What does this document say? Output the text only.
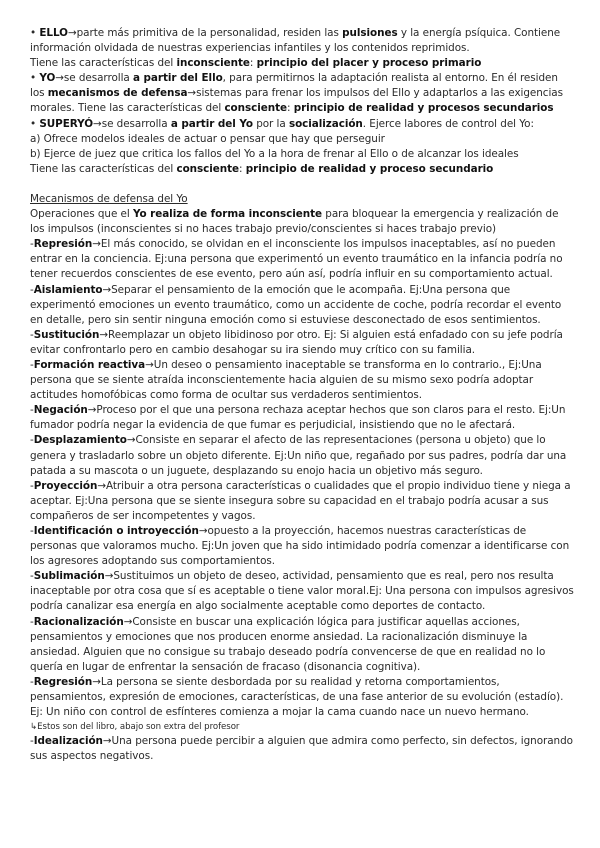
• ELLO→parte más primitiva de la personalidad, residen las pulsiones y la energía psíquica. Contiene información olvidada de nuestras experiencias infantiles y los contenidos reprimidos.

Tiene las características del inconsciente: principio del placer y proceso primario

• YO→se desarrolla a partir del Ello, para permitirnos la adaptación realista al entorno. En él residen los mecanismos de defensa→sistemas para frenar los impulsos del Ello y adaptarlos a las exigencias morales. Tiene las características del consciente: principio de realidad y procesos secundarios

• SUPERYÓ→se desarrolla a partir del Yo por la socialización. Ejerce labores de control del Yo:

a) Ofrece modelos ideales de actuar o pensar que hay que perseguir

b) Ejerce de juez que critica los fallos del Yo a la hora de frenar al Ello o de alcanzar los ideales

Tiene las características del consciente: principio de realidad y proceso secundario

Mecanismos de defensa del Yo

Operaciones que el Yo realiza de forma inconsciente para bloquear la emergencia y realización de los impulsos (inconscientes si no haces trabajo previo/conscientes si haces trabajo previo)

-Represión→El más conocido, se olvidan en el inconsciente los impulsos inaceptables, así no pueden entrar en la conciencia. Ej:una persona que experimentó un evento traumático en la infancia podría no tener recuerdos conscientes de ese evento, pero aún así, podría influir en su comportamiento actual.

-Aislamiento→Separar el pensamiento de la emoción que le acompaña. Ej:Una persona que experimentó emociones un evento traumático, como un accidente de coche, podría recordar el evento en detalle, pero sin sentir ninguna emoción como si estuviese desconectado de esos sentimientos.

-Sustitución→Reemplazar un objeto libidinoso por otro. Ej: Si alguien está enfadado con su jefe podría evitar confrontarlo pero en cambio desahogar su ira siendo muy crítico con su familia.

-Formación reactiva→Un deseo o pensamiento inaceptable se transforma en lo contrario., Ej:Una persona que se siente atraída inconscientemente hacia alguien de su mismo sexo podría adoptar actitudes homofóbicas como forma de ocultar sus verdaderos sentimientos.

-Negación→Proceso por el que una persona rechaza aceptar hechos que son claros para el resto. Ej:Un fumador podría negar la evidencia de que fumar es perjudicial, insistiendo que no le afectará.

-Desplazamiento→Consiste en separar el afecto de las representaciones (persona u objeto) que lo genera y trasladarlo sobre un objeto diferente. Ej:Un niño que, regañado por sus padres, podría dar una patada a su mascota o un juguete, desplazando su enojo hacia un objetivo más seguro.

-Proyección→Atribuir a otra persona características o cualidades que el propio individuo tiene y niega a aceptar. Ej:Una persona que se siente insegura sobre su capacidad en el trabajo podría acusar a sus compañeros de ser incompetentes y vagos.

-Identificación o introyección→opuesto a la proyección, hacemos nuestras características de personas que valoramos mucho. Ej:Un joven que ha sido intimidado podría comenzar a identificarse con los agresores adoptando sus comportamientos.

-Sublimación→Sustituimos un objeto de deseo, actividad, pensamiento que es real, pero nos resulta inaceptable por otra cosa que sí es aceptable o tiene valor moral.Ej: Una persona con impulsos agresivos podría canalizar esa energía en algo socialmente aceptable como deportes de contacto.

-Racionalización→Consiste en buscar una explicación lógica para justificar aquellas acciones, pensamientos y emociones que nos producen enorme ansiedad. La racionalización disminuye la ansiedad. Alguien que no consigue su trabajo deseado podría convencerse de que en realidad no lo quería en lugar de enfrentar la sensación de fracaso (disonancia cognitiva).

-Regresión→La persona se siente desbordada por su realidad y retorna comportamientos, pensamientos, expresión de emociones, características, de una fase anterior de su evolución (estadío). Ej: Un niño con control de esfínteres comienza a mojar la cama cuando nace un nuevo hermano.

↳Estos son del libro, abajo son extra del profesor

-Idealización→Una persona puede percibir a alguien que admira como perfecto, sin defectos, ignorando sus aspectos negativos.
